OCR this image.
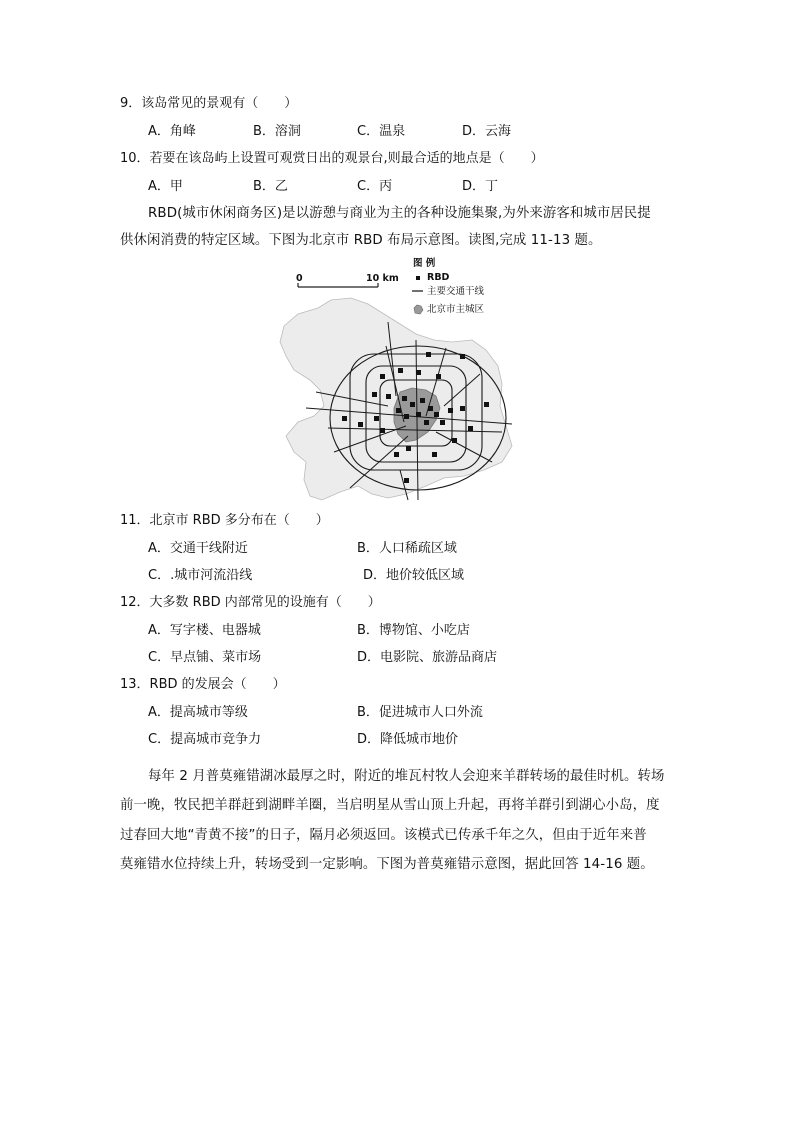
9．该岛常见的景观有（　　）
A．角峰	B．溶洞	C．温泉	D．云海
10．若要在该岛屿上设置可观赏日出的观景台,则最合适的地点是（　　）
A．甲	B．乙	C．丙	D．丁
RBD(城市休闲商务区)是以游憩与商业为主的各种设施集聚,为外来游客和城市居民提
供休闲消费的特定区域。下图为北京市 RBD 布局示意图。读图,完成 11-13 题。
0	10 km
图 例
RBD
主要交通干线
北京市主城区
11．北京市 RBD 多分布在（　　）
A．交通干线附近	B．人口稀疏区域
C．.城市河流沿线	D．地价较低区域
12．大多数 RBD 内部常见的设施有（　　）
A．写字楼、电器城	B．博物馆、小吃店
C．早点铺、菜市场	D．电影院、旅游品商店
13．RBD 的发展会（　　）
A．提高城市等级	B．促进城市人口外流
C．提高城市竞争力	D．降低城市地价
每年 2 月普莫雍错湖冰最厚之时，附近的堆瓦村牧人会迎来羊群转场的最佳时机。转场
前一晚，牧民把羊群赶到湖畔羊圈，当启明星从雪山顶上升起，再将羊群引到湖心小岛，度
过春回大地“青黄不接”的日子，隔月必须返回。该模式已传承千年之久，但由于近年来普
莫雍错水位持续上升，转场受到一定影响。下图为普莫雍错示意图，据此回答 14-16 题。
